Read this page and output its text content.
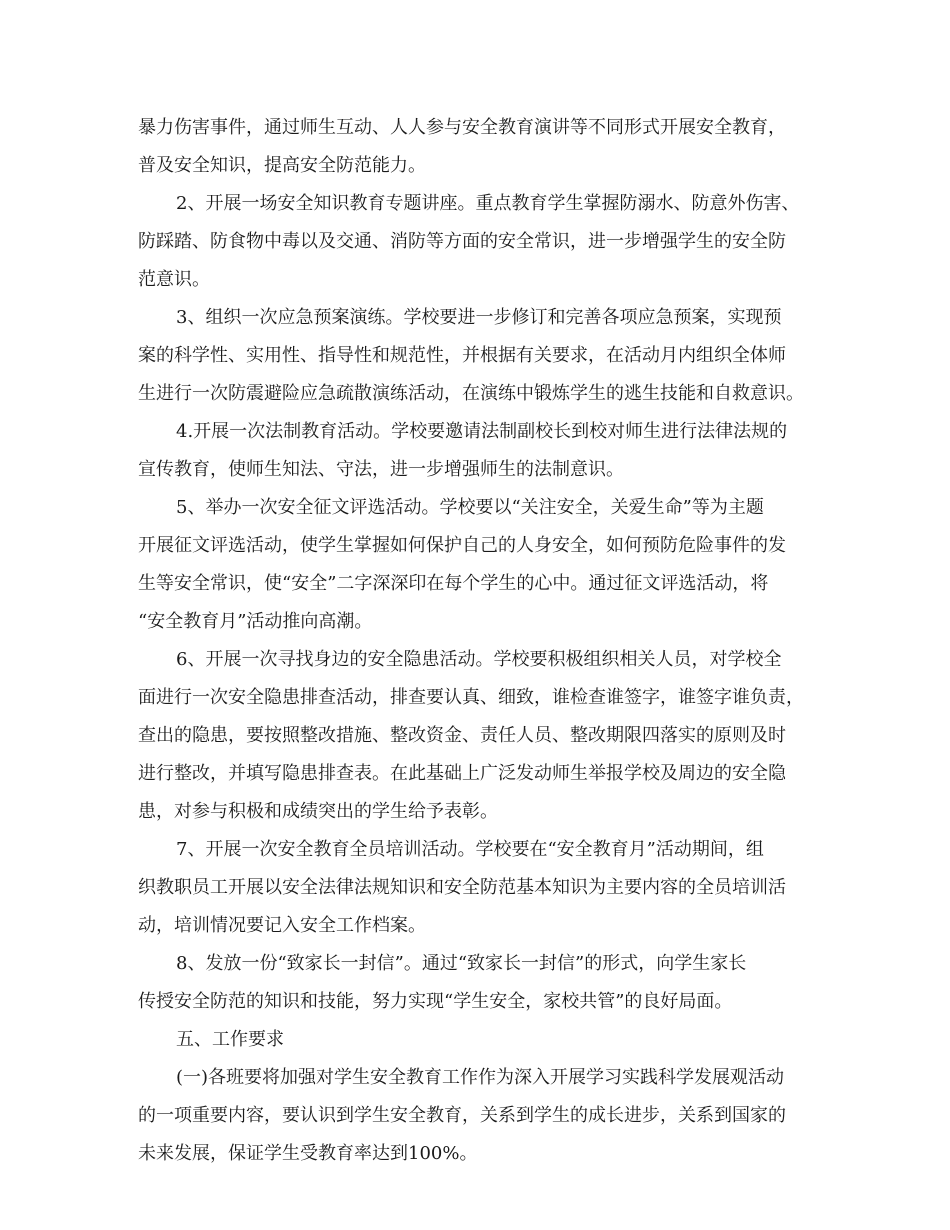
暴力伤害事件，通过师生互动、人人参与安全教育演讲等不同形式开展安全教育，

普及安全知识，提高安全防范能力。

2、开展一场安全知识教育专题讲座。重点教育学生掌握防溺水、防意外伤害、

防踩踏、防食物中毒以及交通、消防等方面的安全常识，进一步增强学生的安全防

范意识。

3、组织一次应急预案演练。学校要进一步修订和完善各项应急预案，实现预

案的科学性、实用性、指导性和规范性，并根据有关要求，在活动月内组织全体师

生进行一次防震避险应急疏散演练活动，在演练中锻炼学生的逃生技能和自救意识。

4.开展一次法制教育活动。学校要邀请法制副校长到校对师生进行法律法规的

宣传教育，使师生知法、守法，进一步增强师生的法制意识。

5、举办一次安全征文评选活动。学校要以“关注安全，关爱生命”等为主题

开展征文评选活动，使学生掌握如何保护自己的人身安全，如何预防危险事件的发

生等安全常识，使“安全”二字深深印在每个学生的心中。通过征文评选活动，将

“安全教育月”活动推向高潮。

6、开展一次寻找身边的安全隐患活动。学校要积极组织相关人员，对学校全

面进行一次安全隐患排查活动，排查要认真、细致，谁检查谁签字，谁签字谁负责，

查出的隐患，要按照整改措施、整改资金、责任人员、整改期限四落实的原则及时

进行整改，并填写隐患排查表。在此基础上广泛发动师生举报学校及周边的安全隐

患，对参与积极和成绩突出的学生给予表彰。

7、开展一次安全教育全员培训活动。学校要在“安全教育月”活动期间，组

织教职员工开展以安全法律法规知识和安全防范基本知识为主要内容的全员培训活

动，培训情况要记入安全工作档案。

8、发放一份“致家长一封信”。通过“致家长一封信”的形式，向学生家长

传授安全防范的知识和技能，努力实现“学生安全，家校共管”的良好局面。

五、工作要求

(一)各班要将加强对学生安全教育工作作为深入开展学习实践科学发展观活动

的一项重要内容，要认识到学生安全教育，关系到学生的成长进步，关系到国家的

未来发展，保证学生受教育率达到100%。
